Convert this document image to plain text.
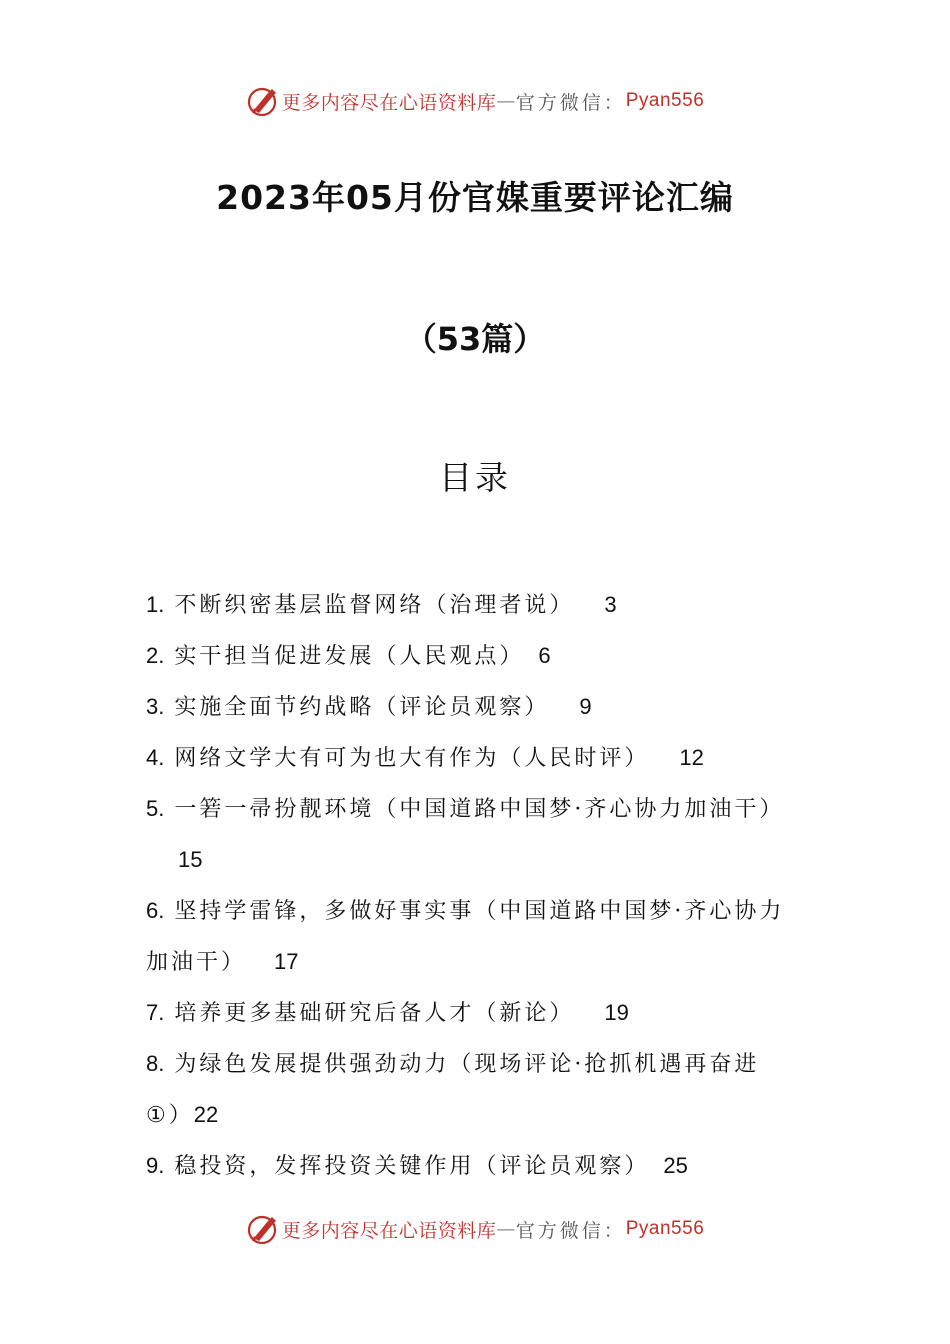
更多内容尽在心语资料库 — 官方微信： Pyan556
2023年05月份官媒重要评论汇编
（53篇）
目录

1. 不断织密基层监督网络（治理者说） 3

2. 实干担当促进发展（人民观点） 6

3. 实施全面节约战略（评论员观察） 9

4. 网络文学大有可为也大有作为（人民时评） 12

5. 一箬一帚扮靓环境（中国道路中国梦·齐心协力加油干）
15

6. 坚持学雷锋，多做好事实事（中国道路中国梦·齐心协力
加油干） 17

7. 培养更多基础研究后备人才（新论） 19

8. 为绿色发展提供强劲动力（现场评论·抢抓机遇再奋进
①）22

9. 稳投资，发挥投资关键作用（评论员观察） 25

更多内容尽在心语资料库 — 官方微信： Pyan556
